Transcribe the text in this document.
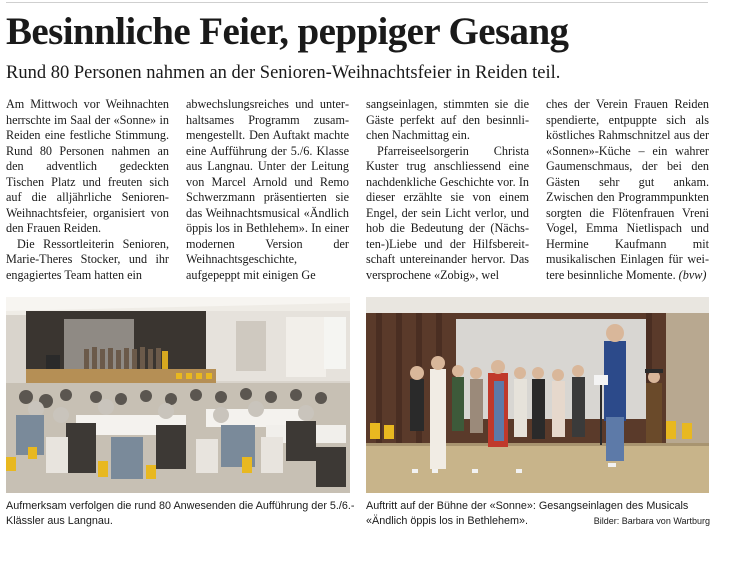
Besinnliche Feier, peppiger Gesang
Rund 80 Personen nahmen an der Senioren-Weihnachtsfeier in Reiden teil.

Am Mittwoch vor Weihnachten herrschte im Saal der «Sonne» in Reiden eine festliche Stimmung. Rund 80 Personen nahmen an den adventlich gedeckten Tischen Platz und freuten sich auf die alljährliche Senioren-Weihnachtsfeier, organisiert von den Frauen Reiden.

Die Ressortleiterin Senioren, Marie-Theres Stocker, und ihr engagiertes Team hatten ein

abwechslungsreiches und unterhaltsames Programm zusammengestellt. Den Auftakt machte eine Aufführung der 5./6. Klasse aus Langnau. Unter der Leitung von Marcel Arnold und Remo Schwerzmann präsentierten sie das Weihnachtsmusical «Ändlich öppis los in Bethlehem». In einer modernen Version der Weihnachtsgeschichte, aufgepeppt mit einigen Ge

sangseinlagen, stimmten sie die Gäste perfekt auf den besinnlichen Nachmittag ein.

Pfarreiseelsorgerin Christa Kuster trug anschliessend eine nachdenkliche Geschichte vor. In dieser erzählte sie von einem Engel, der sein Licht verlor, und hob die Bedeutung der (Nächsten-)Liebe und der Hilfsbereitschaft untereinander hervor. Das versprochene «Zobig», wel

ches der Verein Frauen Reiden spendierte, entpuppte sich als köstliches Rahmschnitzel aus der «Sonnen»-Küche – ein wahrer Gaumenschmaus, der bei den Gästen sehr gut ankam. Zwischen den Programmpunkten sorgten die Flötenfrauen Vreni Vogel, Emma Nietlispach und Hermine Kaufmann mit musikalischen Einlagen für weitere besinnliche Momente. (bvw)

Aufmerksam verfolgen die rund 80 Anwesenden die Aufführung der 5./6.-Klässler aus Langnau.
Auftritt auf der Bühne der «Sonne»: Gesangseinlagen des Musicals «Ändlich öppis los in Bethlehem».	Bilder: Barbara von Wartburg
